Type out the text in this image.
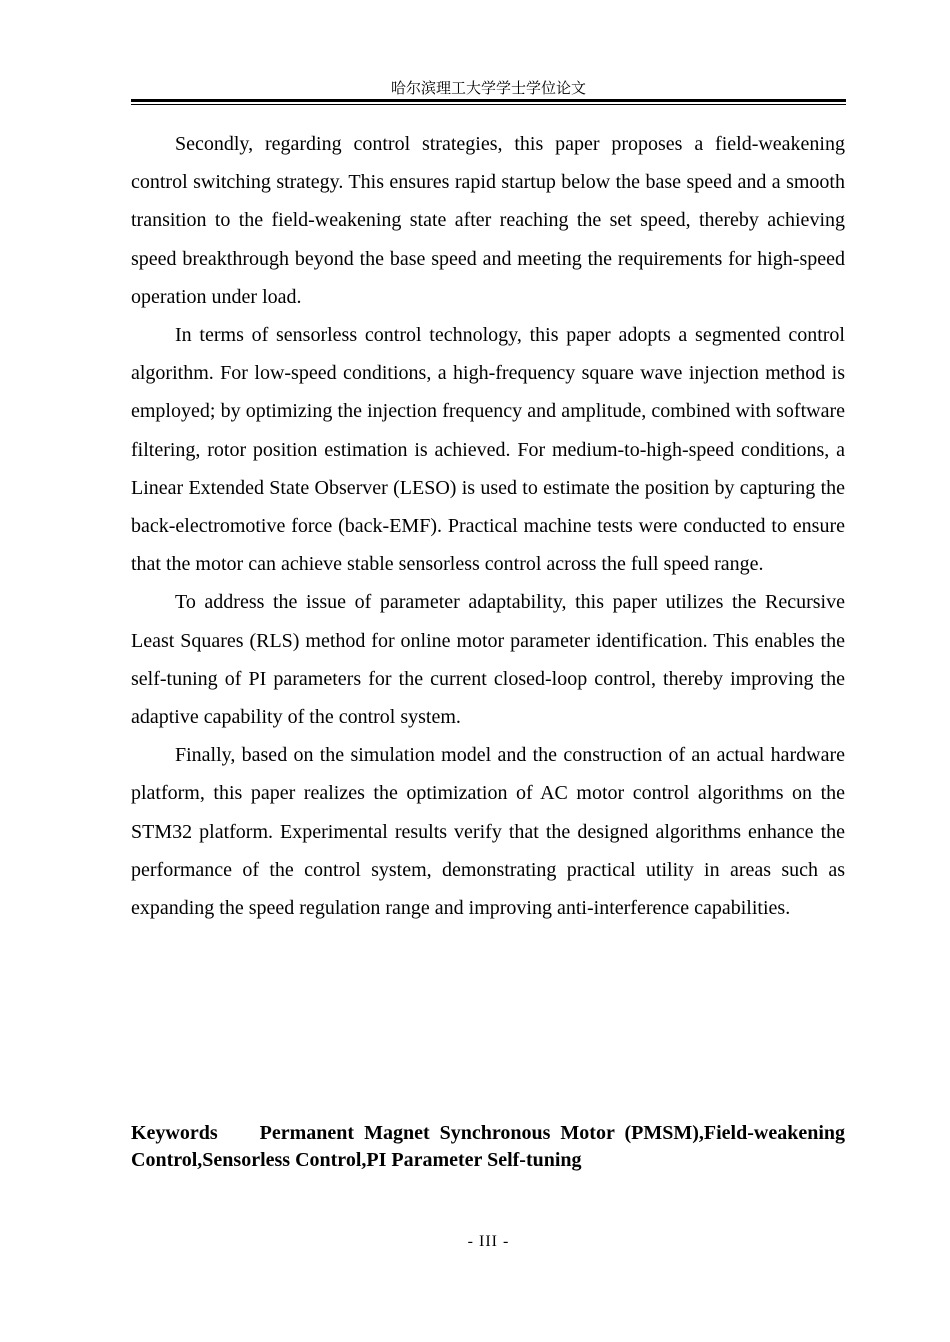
哈尔滨理工大学学士学位论文

Secondly, regarding control strategies, this paper proposes a field-weakening control switching strategy. This ensures rapid startup below the base speed and a smooth transition to the field-weakening state after reaching the set speed, thereby achieving speed breakthrough beyond the base speed and meeting the requirements for high-speed operation under load.

In terms of sensorless control technology, this paper adopts a segmented control algorithm. For low-speed conditions, a high-frequency square wave injection method is employed; by optimizing the injection frequency and amplitude, combined with software filtering, rotor position estimation is achieved. For medium-to-high-speed conditions, a Linear Extended State Observer (LESO) is used to estimate the position by capturing the back-electromotive force (back-EMF). Practical machine tests were conducted to ensure that the motor can achieve stable sensorless control across the full speed range.

To address the issue of parameter adaptability, this paper utilizes the Recursive Least Squares (RLS) method for online motor parameter identification. This enables the self-tuning of PI parameters for the current closed-loop control, thereby improving the adaptive capability of the control system.

Finally, based on the simulation model and the construction of an actual hardware platform, this paper realizes the optimization of AC motor control algorithms on the STM32 platform. Experimental results verify that the designed algorithms enhance the performance of the control system, demonstrating practical utility in areas such as expanding the speed regulation range and improving anti-interference capabilities.

Keywords Permanent Magnet Synchronous Motor (PMSM),Field-weakening Control,Sensorless Control,PI Parameter Self-tuning
- III -
